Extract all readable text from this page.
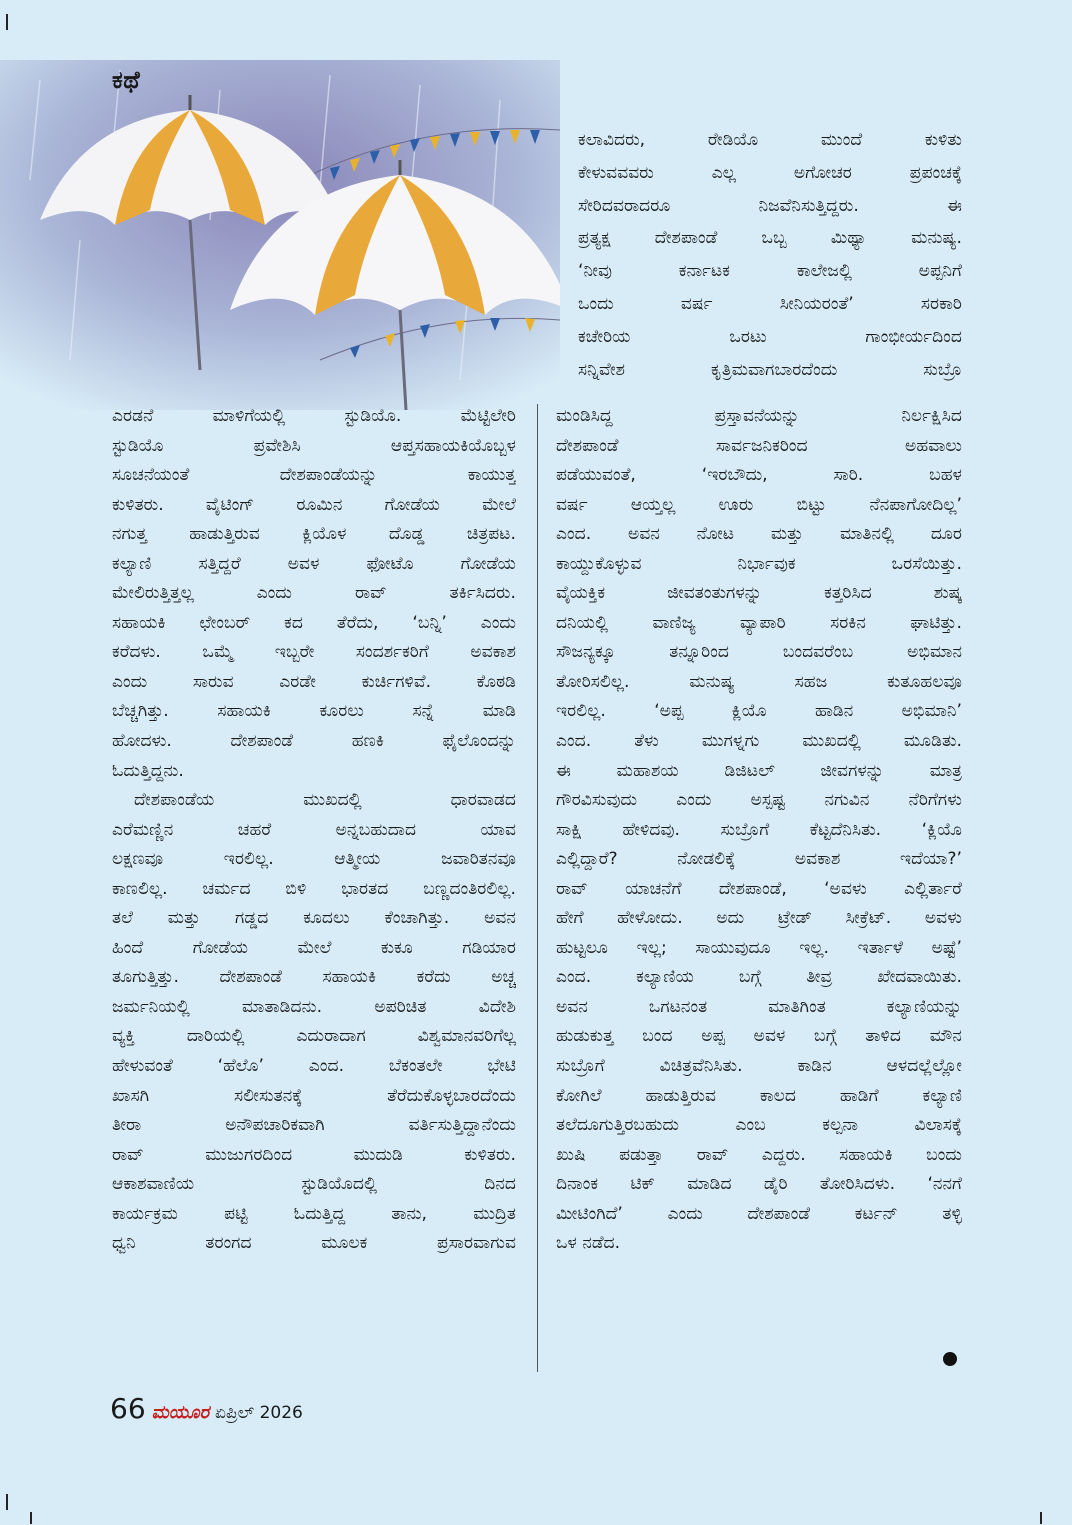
ಕಥೆ
ಕಲಾವಿದರು, ರೇಡಿಯೊ ಮುಂದೆ ಕುಳಿತು
ಕೇಳುವವವರು ಎಲ್ಲ ಅಗೋಚರ ಪ್ರಪಂಚಕ್ಕೆ
ಸೇರಿದವರಾದರೂ ನಿಜವೆನಿಸುತ್ತಿದ್ದರು. ಈ
ಪ್ರತ್ಯಕ್ಷ ದೇಶಪಾಂಡೆ ಒಬ್ಬ ಮಿಥ್ಯಾ ಮನುಷ್ಯ.
‘ನೀವು ಕರ್ನಾಟಕ ಕಾಲೇಜಲ್ಲಿ ಅಪ್ಪನಿಗೆ
ಒಂದು ವರ್ಷ ಸೀನಿಯರಂತೆ’ ಸರಕಾರಿ
ಕಚೇರಿಯ ಒರಟು ಗಾಂಭೀರ್ಯದಿಂದ
ಸನ್ನಿವೇಶ ಕೃತ್ರಿಮವಾಗಬಾರದೆಂದು ಸುಬ್ರೊ
ಎರಡನೆ ಮಾಳಿಗೆಯಲ್ಲಿ ಸ್ಟುಡಿಯೊ. ಮೆಟ್ಟಿಲೇರಿ
ಸ್ಟುಡಿಯೊ ಪ್ರವೇಶಿಸಿ ಆಪ್ತಸಹಾಯಕಿಯೊಬ್ಬಳ
ಸೂಚನೆಯಂತೆ ದೇಶಪಾಂಡೆಯನ್ನು ಕಾಯುತ್ತ
ಕುಳಿತರು. ವೈಟಿಂಗ್ ರೂಮಿನ ಗೋಡೆಯ ಮೇಲೆ
ನಗುತ್ತ ಹಾಡುತ್ತಿರುವ ಕ್ಲಿಯೊಳ ದೊಡ್ಡ ಚಿತ್ರಪಟ.
ಕಲ್ಯಾಣಿ ಸತ್ತಿದ್ದರೆ ಅವಳ ಫೋಟೊ ಗೋಡೆಯ
ಮೇಲಿರುತ್ತಿತ್ತಲ್ಲ ಎಂದು ರಾವ್ ತರ್ಕಿಸಿದರು.
ಸಹಾಯಕಿ ಛೇಂಬರ್ ಕದ ತೆರೆದು, ‘ಬನ್ನಿ’ ಎಂದು
ಕರೆದಳು. ಒಮ್ಮೆ ಇಬ್ಬರೇ ಸಂದರ್ಶಕರಿಗೆ ಅವಕಾಶ
ಎಂದು ಸಾರುವ ಎರಡೇ ಕುರ್ಚಿಗಳಿವೆ. ಕೊಠಡಿ
ಬೆಚ್ಚಗಿತ್ತು. ಸಹಾಯಕಿ ಕೂರಲು ಸನ್ನೆ ಮಾಡಿ
ಹೋದಳು. ದೇಶಪಾಂಡೆ ಹಣಕಿ ಫೈಲೊಂದನ್ನು
ಓದುತ್ತಿದ್ದನು.
ದೇಶಪಾಂಡೆಯ ಮುಖದಲ್ಲಿ ಧಾರವಾಡದ
ಎರೆಮಣ್ಣಿನ ಚಹರೆ ಅನ್ನಬಹುದಾದ ಯಾವ
ಲಕ್ಷಣವೂ ಇರಲಿಲ್ಲ. ಆತ್ಮೀಯ ಜವಾರಿತನವೂ
ಕಾಣಲಿಲ್ಲ. ಚರ್ಮದ ಬಿಳಿ ಭಾರತದ ಬಣ್ಣದಂತಿರಲಿಲ್ಲ.
ತಲೆ ಮತ್ತು ಗಡ್ಡದ ಕೂದಲು ಕೆಂಚಾಗಿತ್ತು. ಅವನ
ಹಿಂದೆ ಗೋಡೆಯ ಮೇಲೆ ಕುಕೂ ಗಡಿಯಾರ
ತೂಗುತ್ತಿತ್ತು. ದೇಶಪಾಂಡೆ ಸಹಾಯಕಿ ಕರೆದು ಅಚ್ಚ
ಜರ್ಮನಿಯಲ್ಲಿ ಮಾತಾಡಿದನು. ಅಪರಿಚಿತ ವಿದೇಶಿ
ವ್ಯಕ್ತಿ ದಾರಿಯಲ್ಲಿ ಎದುರಾದಾಗ ವಿಶ್ವಮಾನವರಿಗೆಲ್ಲ
ಹೇಳುವಂತೆ ‘ಹೆಲೊ’ ಎಂದ. ಬೆಕಂತಲೇ ಭೇಟಿ
ಖಾಸಗಿ ಸಲೀಸುತನಕ್ಕೆ ತೆರೆದುಕೊಳ್ಳಬಾರದೆಂದು
ತೀರಾ ಅನೌಪಚಾರಿಕವಾಗಿ ವರ್ತಿಸುತ್ತಿದ್ದಾನೆಂದು
ರಾವ್ ಮುಜುಗರದಿಂದ ಮುದುಡಿ ಕುಳಿತರು.
ಆಕಾಶವಾಣಿಯ ಸ್ಟುಡಿಯೊದಲ್ಲಿ ದಿನದ
ಕಾರ್ಯಕ್ರಮ ಪಟ್ಟಿ ಓದುತ್ತಿದ್ದ ತಾನು, ಮುದ್ರಿತ
ಧ್ವನಿ ತರಂಗದ ಮೂಲಕ ಪ್ರಸಾರವಾಗುವ
ಮಂಡಿಸಿದ್ದ ಪ್ರಸ್ತಾವನೆಯನ್ನು ನಿರ್ಲಕ್ಷಿಸಿದ
ದೇಶಪಾಂಡೆ ಸಾರ್ವಜನಿಕರಿಂದ ಅಹವಾಲು
ಪಡೆಯುವಂತೆ, ‘ಇರಬೌದು, ಸಾರಿ. ಬಹಳ
ವರ್ಷ ಆಯ್ತಲ್ಲ ಊರು ಬಿಟ್ಟು ನೆನಪಾಗೋದಿಲ್ಲ’
ಎಂದ. ಅವನ ನೋಟ ಮತ್ತು ಮಾತಿನಲ್ಲಿ ದೂರ
ಕಾಯ್ದುಕೊಳ್ಳುವ ನಿರ್ಭಾವುಕ ಒರಸೆಯಿತ್ತು.
ವೈಯಕ್ತಿಕ ಜೀವತಂತುಗಳನ್ನು ಕತ್ತರಿಸಿದ ಶುಷ್ಕ
ದನಿಯಲ್ಲಿ ವಾಣಿಜ್ಯ ವ್ಯಾಪಾರಿ ಸರಕಿನ ಘಾಟಿತ್ತು.
ಸೌಜನ್ಯಕ್ಕೂ ತನ್ನೂರಿಂದ ಬಂದವರೆಂಬ ಅಭಿಮಾನ
ತೋರಿಸಲಿಲ್ಲ. ಮನುಷ್ಯ ಸಹಜ ಕುತೂಹಲವೂ
ಇರಲಿಲ್ಲ. ‘ಅಪ್ಪ ಕ್ಲಿಯೊ ಹಾಡಿನ ಅಭಿಮಾನಿ’
ಎಂದ. ತೆಳು ಮುಗಳ್ನಗು ಮುಖದಲ್ಲಿ ಮೂಡಿತು.
ಈ ಮಹಾಶಯ ಡಿಜಿಟಲ್ ಜೀವಗಳನ್ನು ಮಾತ್ರ
ಗೌರವಿಸುವುದು ಎಂದು ಅಸ್ಪಷ್ಟ ನಗುವಿನ ನೆರಿಗೆಗಳು
ಸಾಕ್ಷಿ ಹೇಳಿದವು. ಸುಬ್ರೊಗೆ ಕೆಟ್ಟದೆನಿಸಿತು. ‘ಕ್ಲಿಯೊ
ಎಲ್ಲಿದ್ದಾರೆ? ನೋಡಲಿಕ್ಕೆ ಅವಕಾಶ ಇದೆಯಾ?’
ರಾವ್ ಯಾಚನೆಗೆ ದೇಶಪಾಂಡೆ, ‘ಅವಳು ಎಲ್ಲಿರ್ತಾರೆ
ಹೇಗೆ ಹೇಳೋದು. ಅದು ಟ್ರೇಡ್ ಸೀಕ್ರೆಟ್. ಅವಳು
ಹುಟ್ಟಲೂ ಇಲ್ಲ; ಸಾಯುವುದೂ ಇಲ್ಲ. ಇರ್ತಾಳೆ ಅಷ್ಟೆ’
ಎಂದ. ಕಲ್ಯಾಣಿಯ ಬಗ್ಗೆ ತೀವ್ರ ಖೇದವಾಯಿತು.
ಅವನ ಒಗಟನಂತ ಮಾತಿಗಿಂತ ಕಲ್ಯಾಣಿಯನ್ನು
ಹುಡುಕುತ್ತ ಬಂದ ಅಪ್ಪ ಅವಳ ಬಗ್ಗೆ ತಾಳಿದ ಮೌನ
ಸುಬ್ರೊಗೆ ವಿಚಿತ್ರವೆನಿಸಿತು. ಕಾಡಿನ ಆಳದಲ್ಲೆಲ್ಲೋ
ಕೋಗಿಲೆ ಹಾಡುತ್ತಿರುವ ಕಾಲದ ಹಾಡಿಗೆ ಕಲ್ಯಾಣಿ
ತಲೆದೂಗುತ್ತಿರಬಹುದು ಎಂಬ ಕಲ್ಪನಾ ವಿಲಾಸಕ್ಕೆ
ಖುಷಿ ಪಡುತ್ತಾ ರಾವ್ ಎದ್ದರು. ಸಹಾಯಕಿ ಬಂದು
ದಿನಾಂಕ ಟಿಕ್ ಮಾಡಿದ ಡೈರಿ ತೋರಿಸಿದಳು. ‘ನನಗೆ
ಮೀಟಿಂಗಿದೆ’ ಎಂದು ದೇಶಪಾಂಡೆ ಕರ್ಟನ್ ತಳ್ಳಿ
ಒಳ ನಡೆದ.
66 ಮಯೂರ ಏಪ್ರಿಲ್ 2026
